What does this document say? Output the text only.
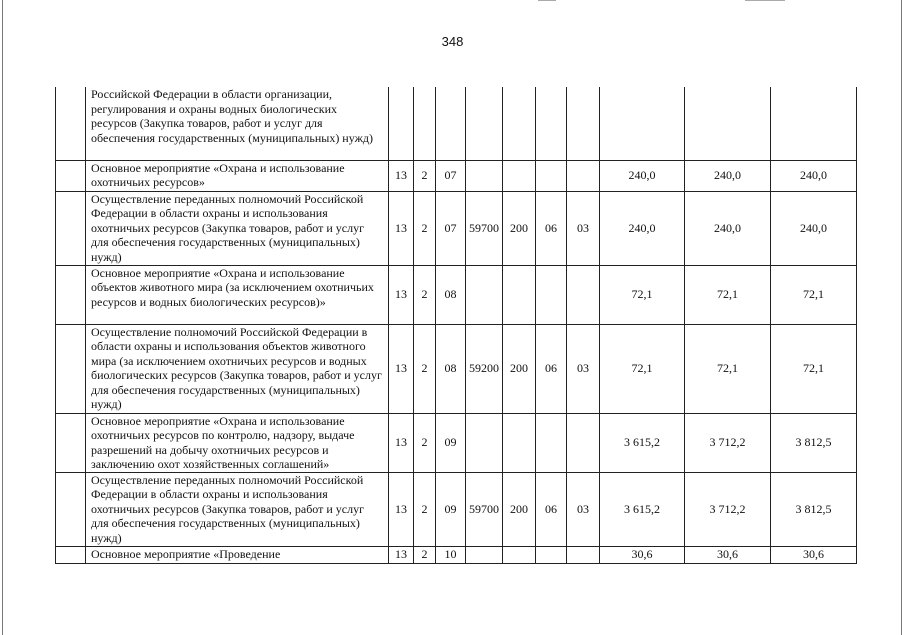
348
	Российской Федерации в области организации, регулирования и охраны водных биологических ресурсов (Закупка товаров, работ и услуг для обеспечения государственных (муниципальных) нужд)										
	Основное мероприятие «Охрана и использование охотничьих ресурсов»	13	2	07					240,0	240,0	240,0
	Осуществление переданных полномочий Российской Федерации в области охраны и использования охотничьих ресурсов (Закупка товаров, работ и услуг для обеспечения государственных (муниципальных) нужд)	13	2	07	59700	200	06	03	240,0	240,0	240,0
	Основное мероприятие «Охрана и использование объектов животного мира (за исключением охотничьих ресурсов и водных биологических ресурсов)»	13	2	08					72,1	72,1	72,1
	Осуществление полномочий Российской Федерации в области охраны и использования объектов животного мира (за исключением охотничьих ресурсов и водных биологических ресурсов (Закупка товаров, работ и услуг для обеспечения государственных (муниципальных) нужд)	13	2	08	59200	200	06	03	72,1	72,1	72,1
	Основное мероприятие «Охрана и использование охотничьих ресурсов по контролю, надзору, выдаче разрешений на добычу охотничьих ресурсов и заключению охот хозяйственных соглашений»	13	2	09					3 615,2	3 712,2	3 812,5
	Осуществление переданных полномочий Российской Федерации в области охраны и использования охотничьих ресурсов (Закупка товаров, работ и услуг для обеспечения государственных (муниципальных) нужд)	13	2	09	59700	200	06	03	3 615,2	3 712,2	3 812,5
	Основное мероприятие «Проведение	13	2	10					30,6	30,6	30,6
